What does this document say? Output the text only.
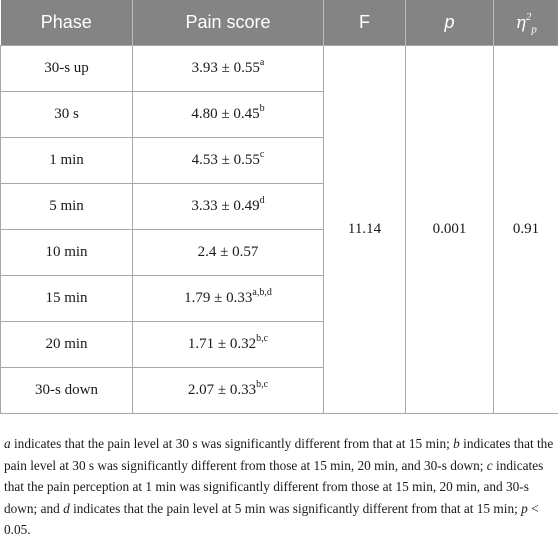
Phase	Pain score	F	p	$\eta^2_p$
30-s up	3.93 ± 0.55$^a$	11.14	0.001	0.91
30 s	4.80 ± 0.45$^b$
1 min	4.53 ± 0.55$^c$
5 min	3.33 ± 0.49$^d$
10 min	2.4 ± 0.57			
15 min	$1.79 \pm 0.33^{a,b,d}$
20 min	$1.71 \pm 0.32^{b,c}$
30-s down	$2.07 \pm 0.33^{b,c}$

a indicates that the pain level at 30 s was significantly different from that at 15 min; b indicates that the pain level at 30 s was significantly different from those at 15 min, 20 min, and 30-s down; c indicates that the pain perception at 1 min was significantly different from those at 15 min, 20 min, and 30-s down; and d indicates that the pain level at 5 min was significantly different from that at 15 min; p < 0.05.
